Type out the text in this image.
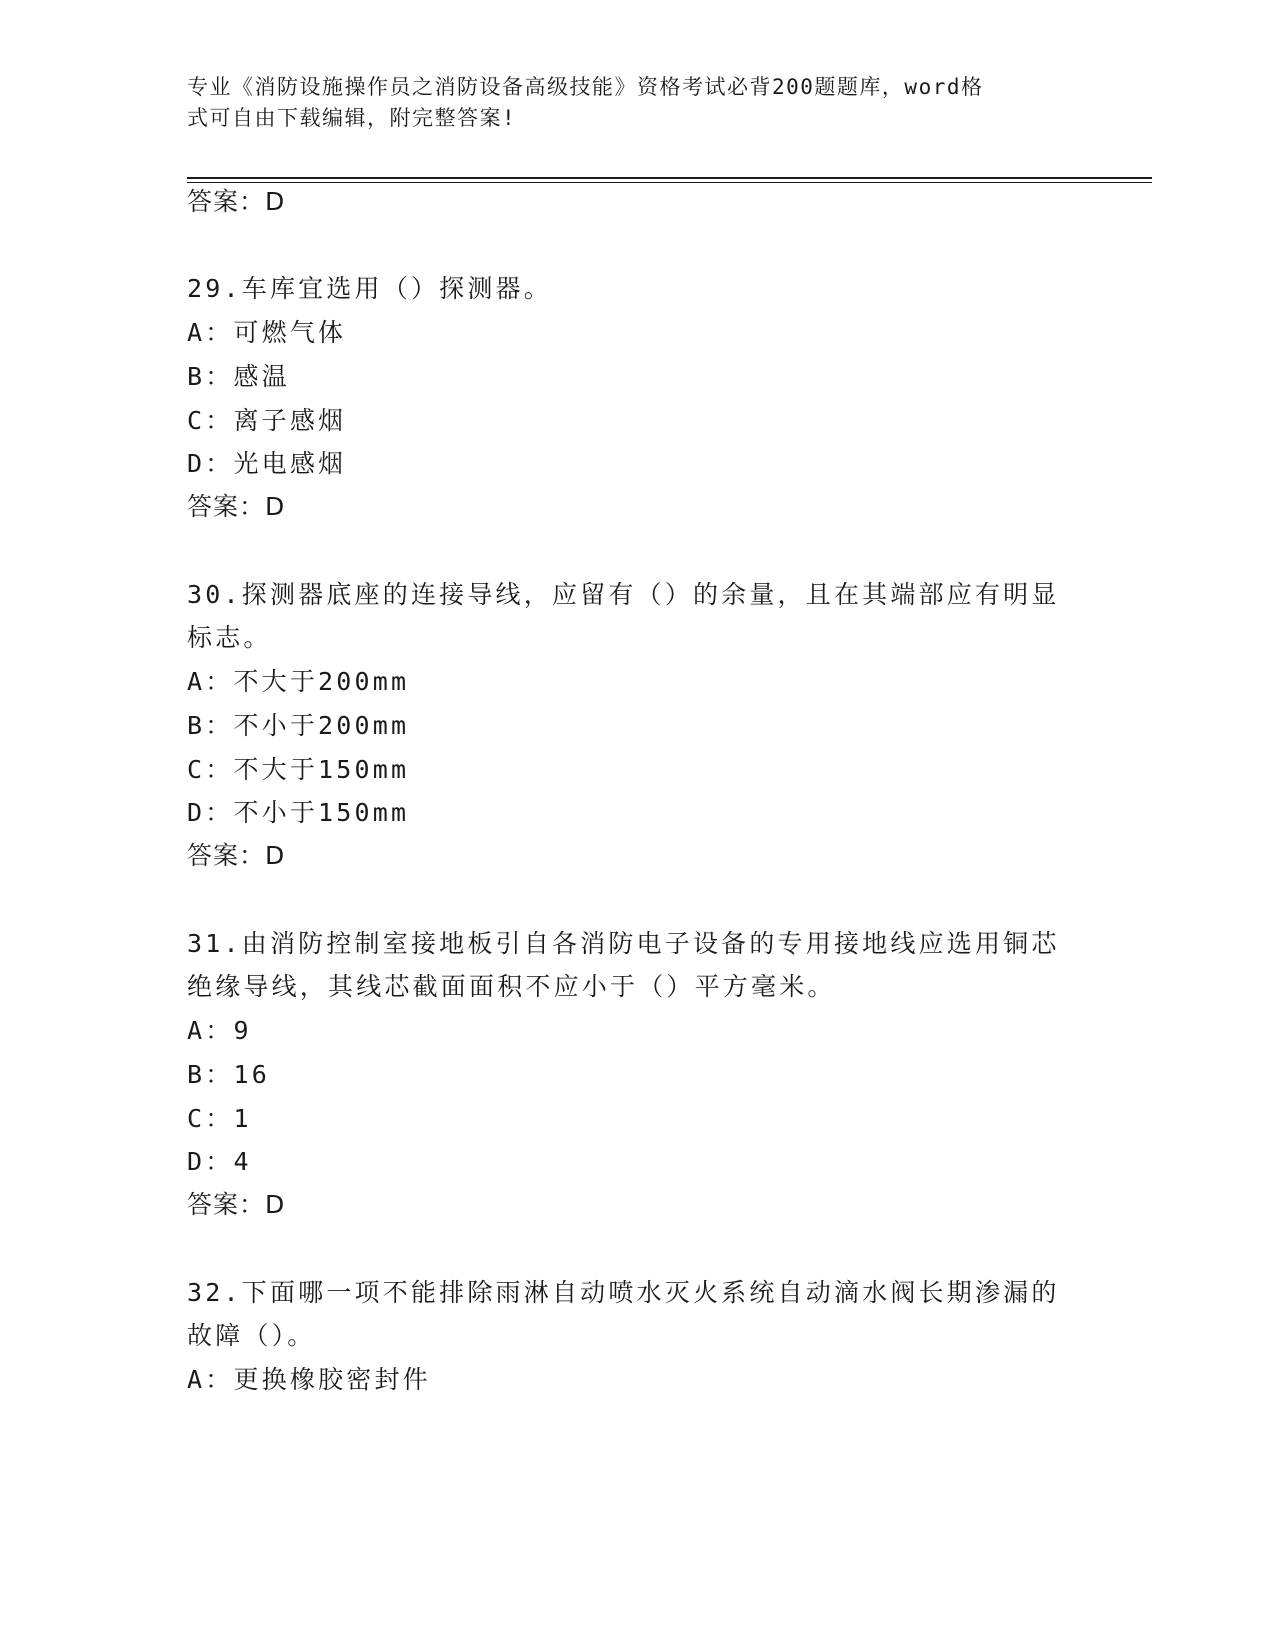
专业《消防设施操作员之消防设备高级技能》资格考试必背200题题库，word格
式可自由下载编辑，附完整答案!
答案：D
29.车库宜选用（）探测器。
A：可燃气体
B：感温
C：离子感烟
D：光电感烟
答案：D
30.探测器底座的连接导线，应留有（）的余量，且在其端部应有明显
标志。
A：不大于200mm
B：不小于200mm
C：不大于150mm
D：不小于150mm
答案：D
31.由消防控制室接地板引自各消防电子设备的专用接地线应选用铜芯
绝缘导线，其线芯截面面积不应小于（）平方毫米。
A：9
B：16
C：1
D：4
答案：D
32.下面哪一项不能排除雨淋自动喷水灭火系统自动滴水阀长期渗漏的
故障（）。
A：更换橡胶密封件
